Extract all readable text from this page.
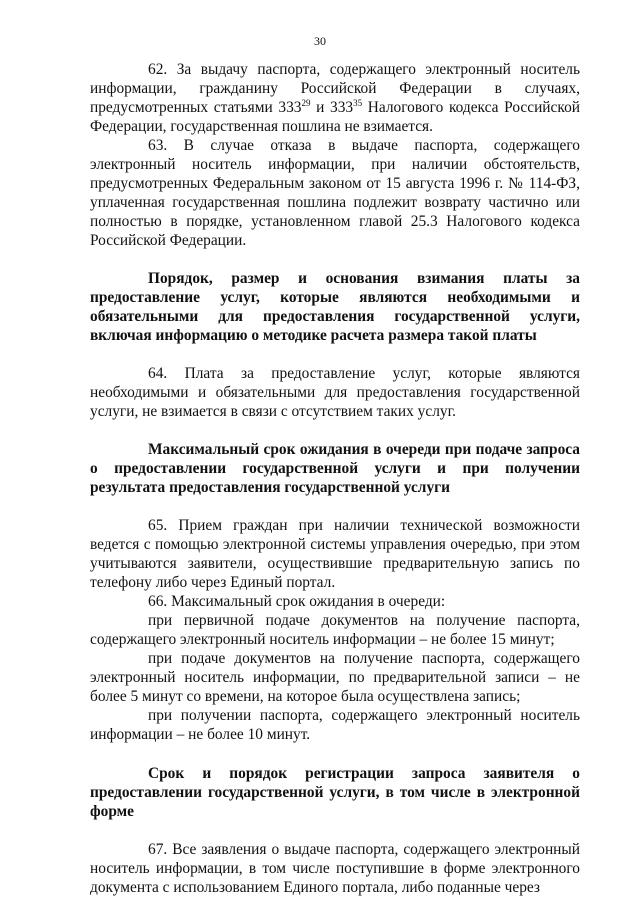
30

62. За выдачу паспорта, содержащего электронный носитель информации, гражданину Российской Федерации в случаях, предусмотренных статьями $333^{29}$ и $333^{35}$ Налогового кодекса Российской Федерации, государственная пошлина не взимается.

63. В случае отказа в выдаче паспорта, содержащего электронный носитель информации, при наличии обстоятельств, предусмотренных Федеральным законом от 15 августа 1996 г. № 114-ФЗ, уплаченная государственная пошлина подлежит возврату частично или полностью в порядке, установленном главой 25.3 Налогового кодекса Российской Федерации.

Порядок, размер и основания взимания платы за предоставление услуг, которые являются необходимыми и обязательными для предоставления государственной услуги, включая информацию о методике расчета размера такой платы

64. Плата за предоставление услуг, которые являются необходимыми и обязательными для предоставления государственной услуги, не взимается в связи с отсутствием таких услуг.

Максимальный срок ожидания в очереди при подаче запроса о предоставлении государственной услуги и при получении результата предоставления государственной услуги

65. Прием граждан при наличии технической возможности ведется с помощью электронной системы управления очередью, при этом учитываются заявители, осуществившие предварительную запись по телефону либо через Единый портал.

66. Максимальный срок ожидания в очереди:

при первичной подаче документов на получение паспорта, содержащего электронный носитель информации – не более 15 минут;

при подаче документов на получение паспорта, содержащего электронный носитель информации, по предварительной записи – не более 5 минут со времени, на которое была осуществлена запись;

при получении паспорта, содержащего электронный носитель информации – не более 10 минут.

Срок и порядок регистрации запроса заявителя о предоставлении государственной услуги, в том числе в электронной форме

67. Все заявления о выдаче паспорта, содержащего электронный носитель информации, в том числе поступившие в форме электронного документа с использованием Единого портала, либо поданные через
